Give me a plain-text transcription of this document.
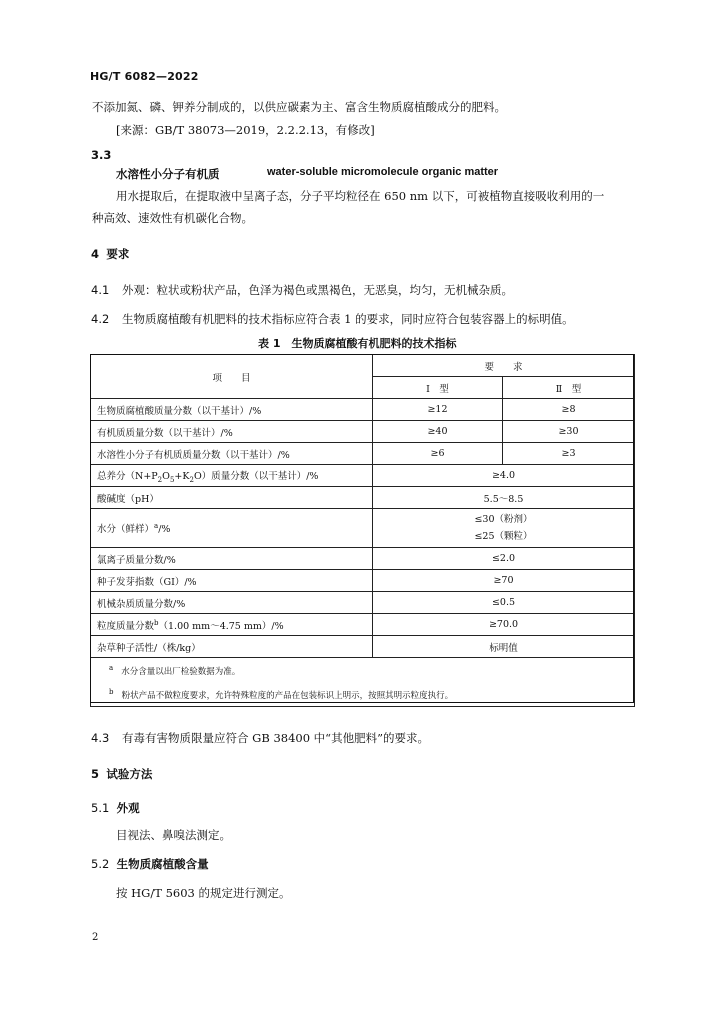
HG/T 6082—2022
不添加氮、磷、钾养分制成的，以供应碳素为主、富含生物质腐植酸成分的肥料。
[来源：GB/T 38073—2019，2.2.2.13，有修改]
3.3
水溶性小分子有机质	water-soluble micromolecule organic matter
用水提取后，在提取液中呈离子态，分子平均粒径在 650 nm 以下，可被植物直接吸收利用的一
种高效、速效性有机碳化合物。
4 要求
4.1 外观：粒状或粉状产品，色泽为褐色或黑褐色，无恶臭，均匀，无机械杂质。
4.2 生物质腐植酸有机肥料的技术指标应符合表 1 的要求，同时应符合包装容器上的标明值。
表 1　生物质腐植酸有机肥料的技术指标
项　　目	要　　求	
	Ⅰ　型	Ⅱ　型
生物质腐植酸质量分数（以干基计）/%	≥12	≥8
有机质质量分数（以干基计）/%	≥40	≥30
水溶性小分子有机质质量分数（以干基计）/%	≥6	≥3
总养分$(N+P_2O_5+K_2O)$质量分数（以干基计）/%	≥4.0	
酸碱度（pH）	5.5～8.5	
水分（鲜样）$^a$/%	≤30（粉剂）
≤25（颗粒）	

氯离子质量分数/%	≤2.0	
种子发芽指数（GI）/%	≥70	
机械杂质质量分数/%	≤0.5	
粒度质量分数$^b$（1.00 mm～4.75 mm）/%	≥70.0	
杂草种子活性/（株/kg）	标明值	

$^a$ 水分含量以出厂检验数据为准。
$^b$ 粉状产品不做粒度要求，允许特殊粒度的产品在包装标识上明示，按照其明示粒度执行。		
4.3 有毒有害物质限量应符合 GB 38400 中“其他肥料”的要求。
5 试验方法
5.1 外观
目视法、鼻嗅法测定。
5.2 生物质腐植酸含量
按 HG/T 5603 的规定进行测定。
2
